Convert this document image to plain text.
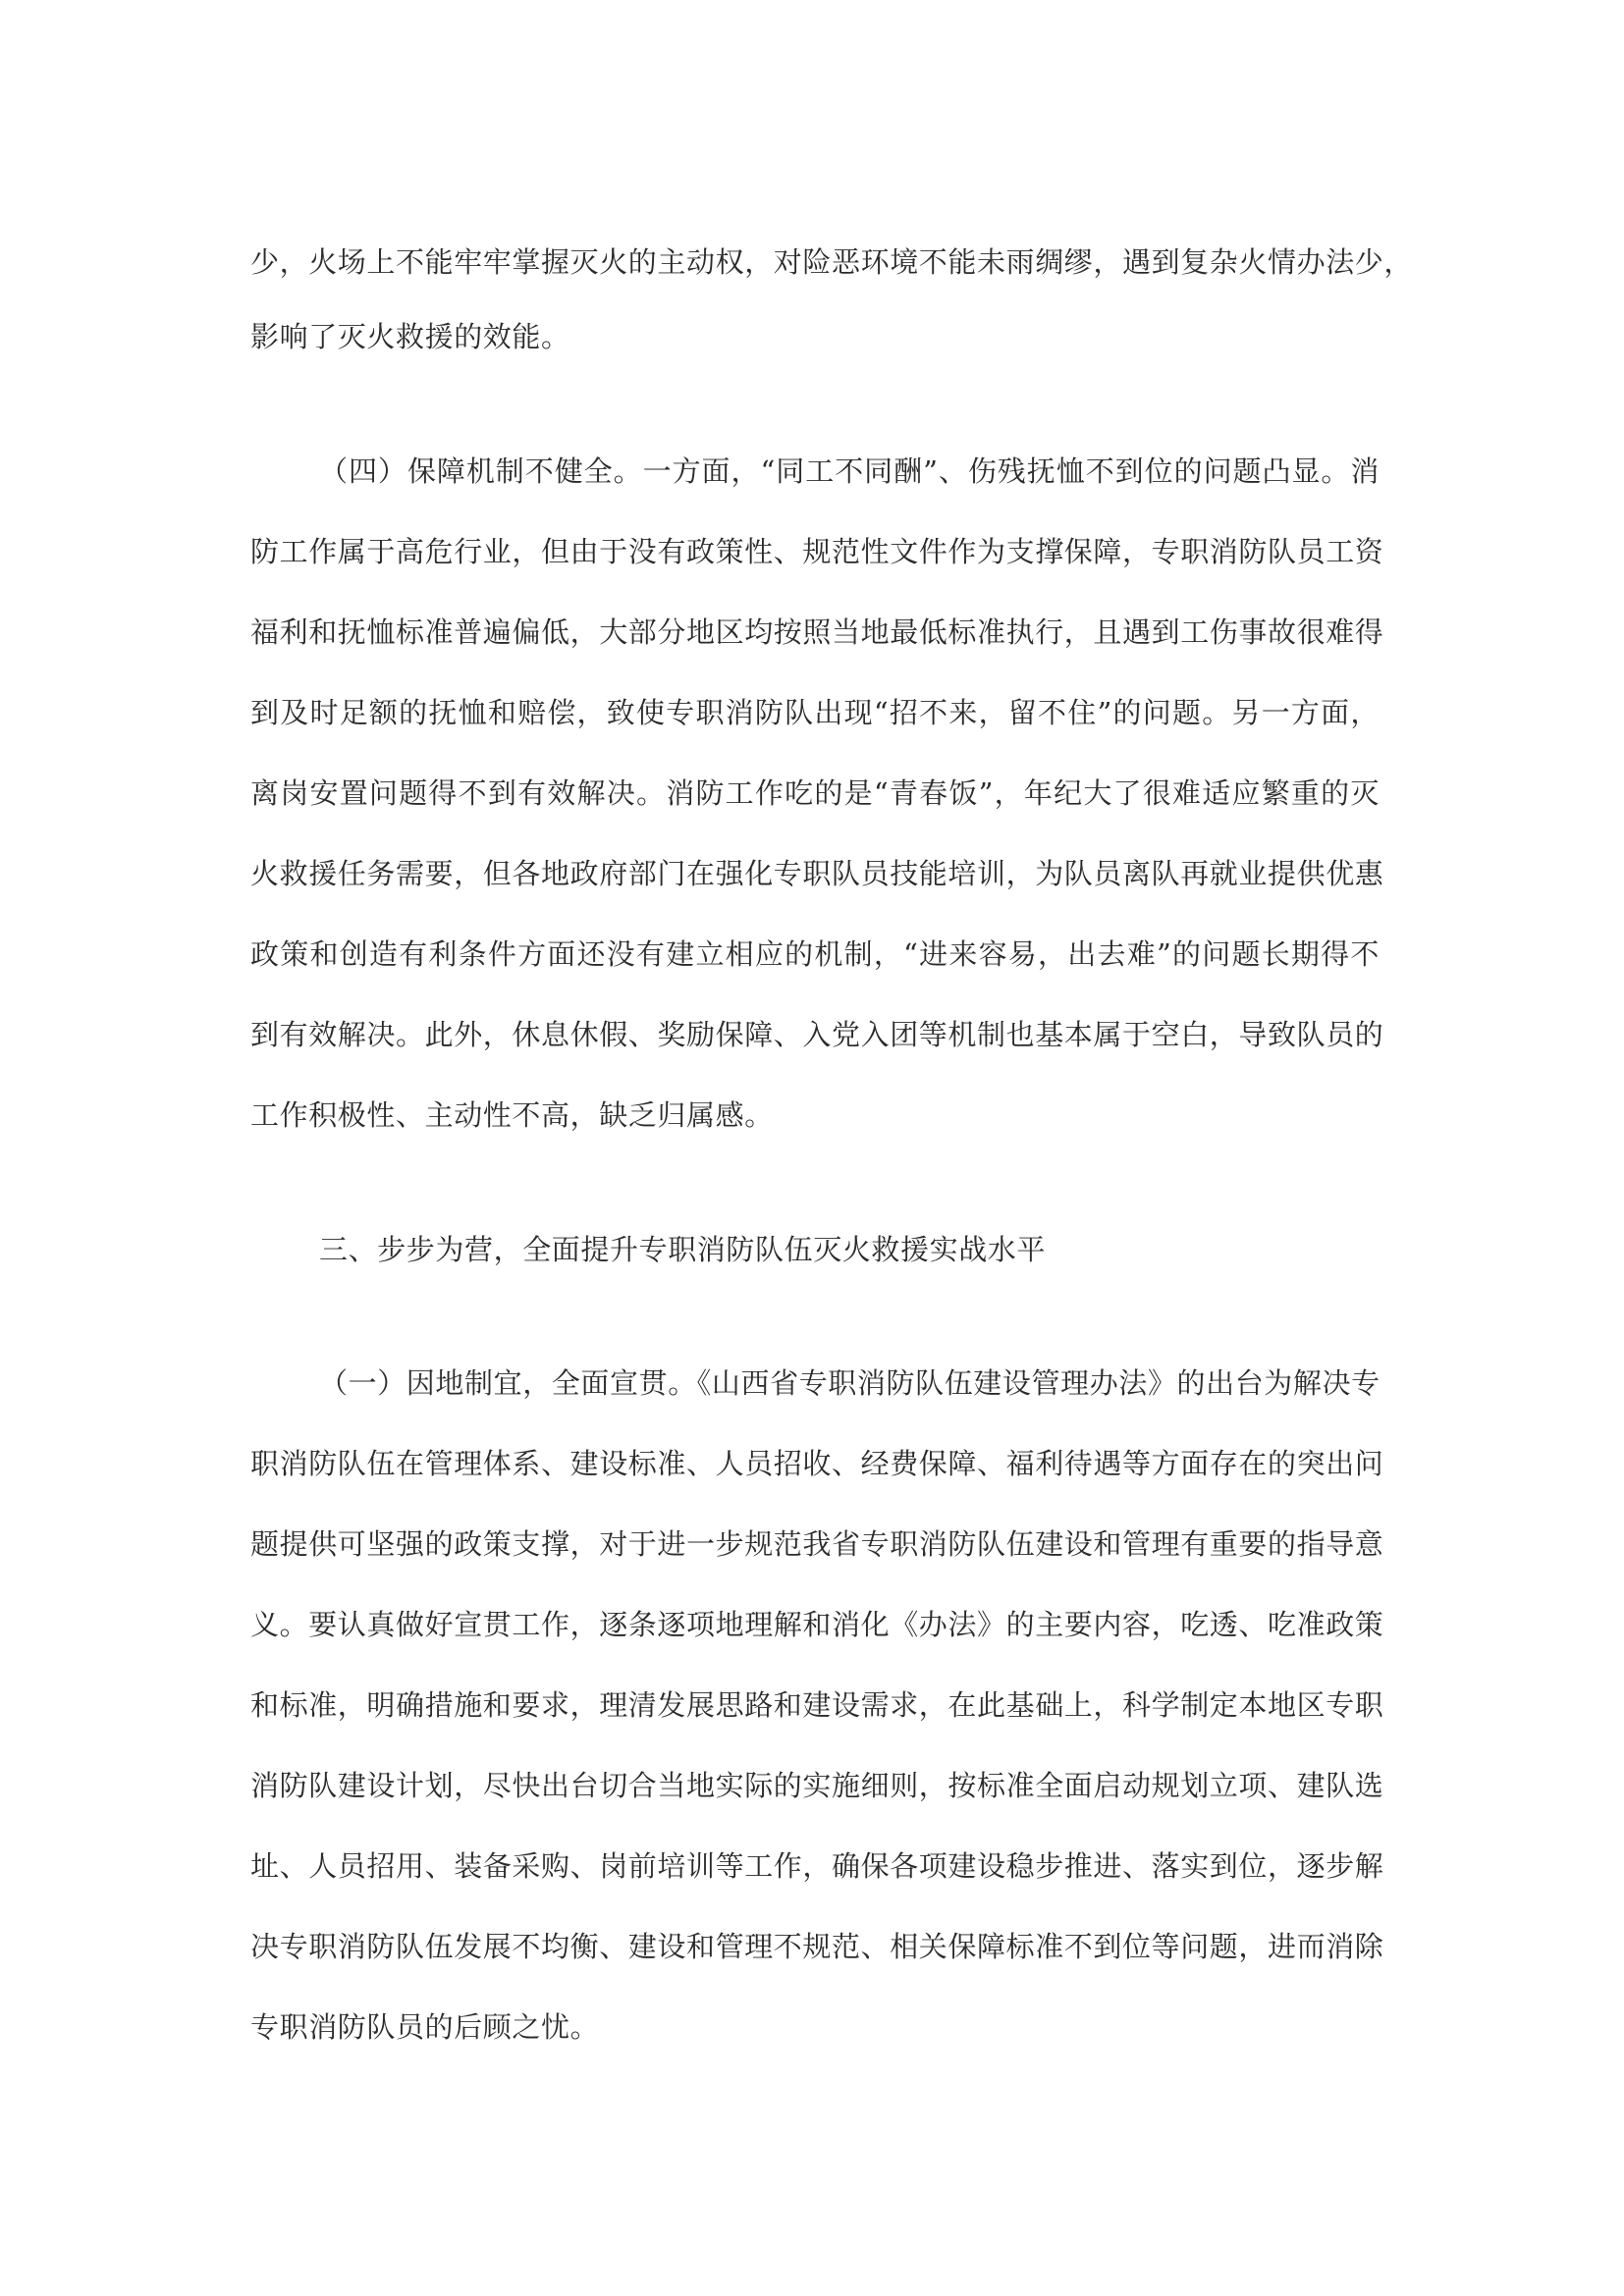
少，火场上不能牢牢掌握灭火的主动权，对险恶环境不能未雨绸缪，遇到复杂火情办法少，
影响了灭火救援的效能。
（四）保障机制不健全。一方面，“同工不同酬”、伤残抚恤不到位的问题凸显。消
防工作属于高危行业，但由于没有政策性、规范性文件作为支撑保障，专职消防队员工资
福利和抚恤标准普遍偏低，大部分地区均按照当地最低标准执行，且遇到工伤事故很难得
到及时足额的抚恤和赔偿，致使专职消防队出现“招不来，留不住”的问题。另一方面，
离岗安置问题得不到有效解决。消防工作吃的是“青春饭”，年纪大了很难适应繁重的灭
火救援任务需要，但各地政府部门在强化专职队员技能培训，为队员离队再就业提供优惠
政策和创造有利条件方面还没有建立相应的机制，“进来容易，出去难”的问题长期得不
到有效解决。此外，休息休假、奖励保障、入党入团等机制也基本属于空白，导致队员的
工作积极性、主动性不高，缺乏归属感。
三、步步为营，全面提升专职消防队伍灭火救援实战水平
（一）因地制宜，全面宣贯。《山西省专职消防队伍建设管理办法》的出台为解决专
职消防队伍在管理体系、建设标准、人员招收、经费保障、福利待遇等方面存在的突出问
题提供可坚强的政策支撑，对于进一步规范我省专职消防队伍建设和管理有重要的指导意
义。要认真做好宣贯工作，逐条逐项地理解和消化《办法》的主要内容，吃透、吃准政策
和标准，明确措施和要求，理清发展思路和建设需求，在此基础上，科学制定本地区专职
消防队建设计划，尽快出台切合当地实际的实施细则，按标准全面启动规划立项、建队选
址、人员招用、装备采购、岗前培训等工作，确保各项建设稳步推进、落实到位，逐步解
决专职消防队伍发展不均衡、建设和管理不规范、相关保障标准不到位等问题，进而消除
专职消防队员的后顾之忧。
